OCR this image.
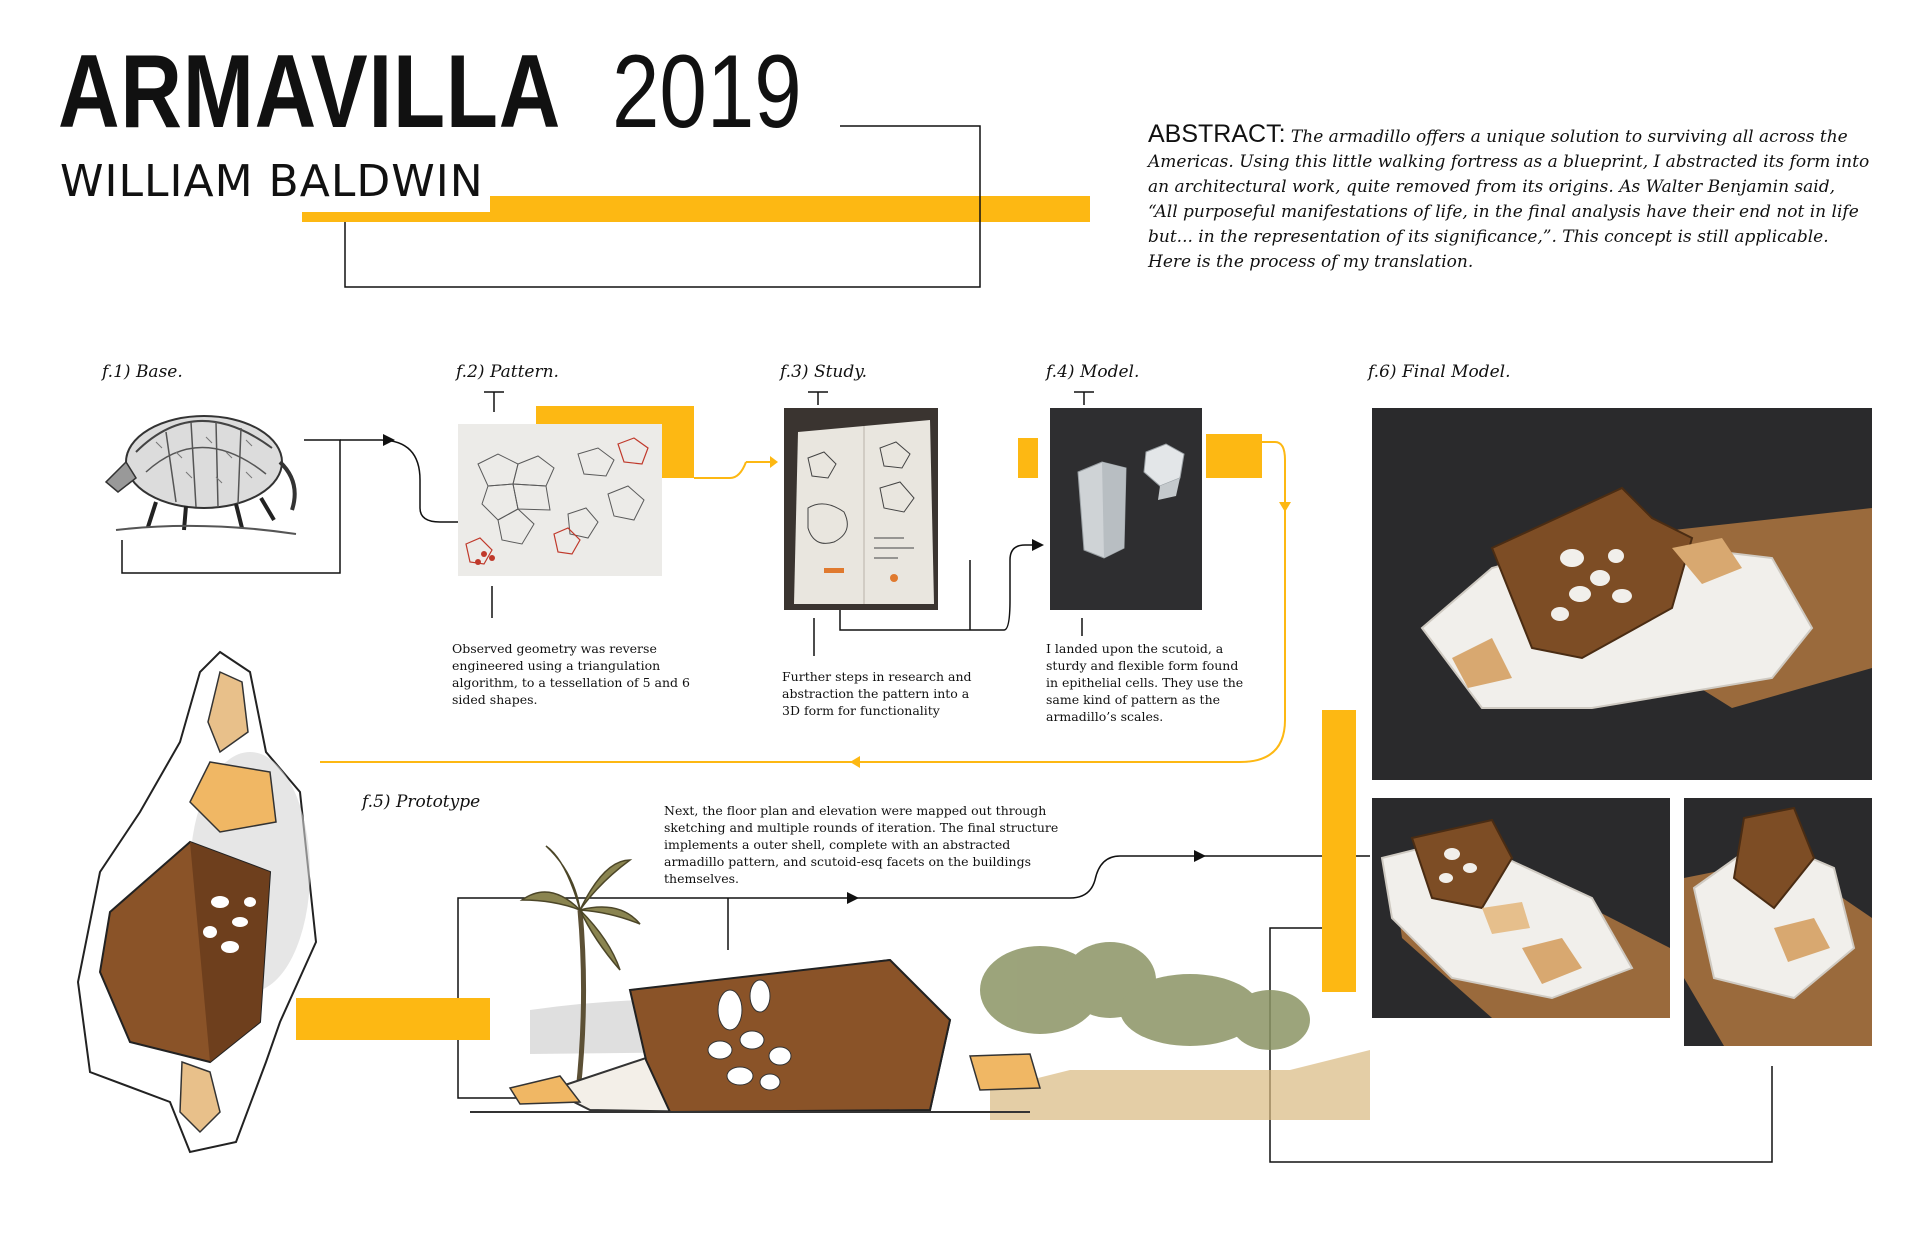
ARMAVILLA 2019
WILLIAM BALDWIN
ABSTRACT: The armadillo offers a unique solution to surviving all across the Americas. Using this little walking fortress as a blueprint, I abstracted its form into an architectural work, quite removed from its origins. As Walter Benjamin said, “All purposeful manifestations of life, in the final analysis have their end not in life but... in the representation of its significance,”. This concept is still applicable. Here is the process of my translation.
f.1) Base.	f.2) Pattern.	f.3) Study.	f.4) Model.
f.5) Prototype
f.6) Final Model.
Observed geometry was reverse engineered using a triangulation algorithm, to a tessellation of 5 and 6 sided shapes.
Further steps in research and abstraction the pattern into a 3D form for functionality
I landed upon the scutoid, a sturdy and flexible form found in epithelial cells. They use the same kind of pattern as the armadillo’s scales.
Next, the floor plan and elevation were mapped out through sketching and multiple rounds of iteration. The final structure implements a outer shell, complete with an abstracted armadillo pattern, and scutoid-esq facets on the buildings themselves.
